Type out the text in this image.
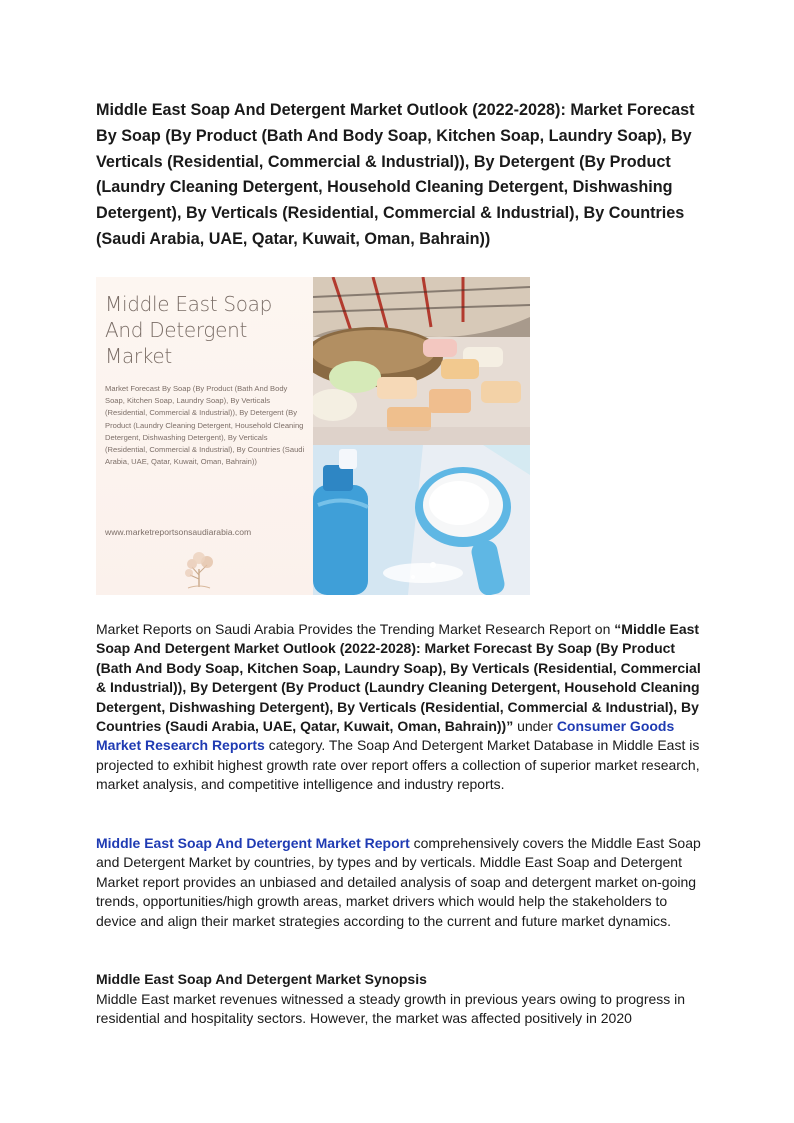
Middle East Soap And Detergent Market Outlook (2022-2028): Market Forecast By Soap (By Product (Bath And Body Soap, Kitchen Soap, Laundry Soap), By Verticals (Residential, Commercial & Industrial)), By Detergent (By Product (Laundry Cleaning Detergent, Household Cleaning Detergent, Dishwashing Detergent), By Verticals (Residential, Commercial & Industrial), By Countries (Saudi Arabia, UAE, Qatar, Kuwait, Oman, Bahrain))

Middle East Soap And Detergent Market

Market Forecast By Soap (By Product (Bath And Body Soap, Kitchen Soap, Laundry Soap), By Verticals (Residential, Commercial & Industrial)), By Detergent (By Product (Laundry Cleaning Detergent, Household Cleaning Detergent, Dishwashing Detergent), By Verticals (Residential, Commercial & Industrial), By Countries (Saudi Arabia, UAE, Qatar, Kuwait, Oman, Bahrain))

www.marketreportsonsaudiarabia.com

Market Reports on Saudi Arabia Provides the Trending Market Research Report on “Middle East Soap And Detergent Market Outlook (2022-2028): Market Forecast By Soap (By Product (Bath And Body Soap, Kitchen Soap, Laundry Soap), By Verticals (Residential, Commercial & Industrial)), By Detergent (By Product (Laundry Cleaning Detergent, Household Cleaning Detergent, Dishwashing Detergent), By Verticals (Residential, Commercial & Industrial), By Countries (Saudi Arabia, UAE, Qatar, Kuwait, Oman, Bahrain))” under Consumer Goods Market Research Reports category. The Soap And Detergent Market Database in Middle East is projected to exhibit highest growth rate over report offers a collection of superior market research, market analysis, and competitive intelligence and industry reports.

Middle East Soap And Detergent Market Report comprehensively covers the Middle East Soap and Detergent Market by countries, by types and by verticals. Middle East Soap and Detergent Market report provides an unbiased and detailed analysis of soap and detergent market on-going trends, opportunities/high growth areas, market drivers which would help the stakeholders to device and align their market strategies according to the current and future market dynamics.

Middle East Soap And Detergent Market Synopsis

Middle East market revenues witnessed a steady growth in previous years owing to progress in residential and hospitality sectors. However, the market was affected positively in 2020
